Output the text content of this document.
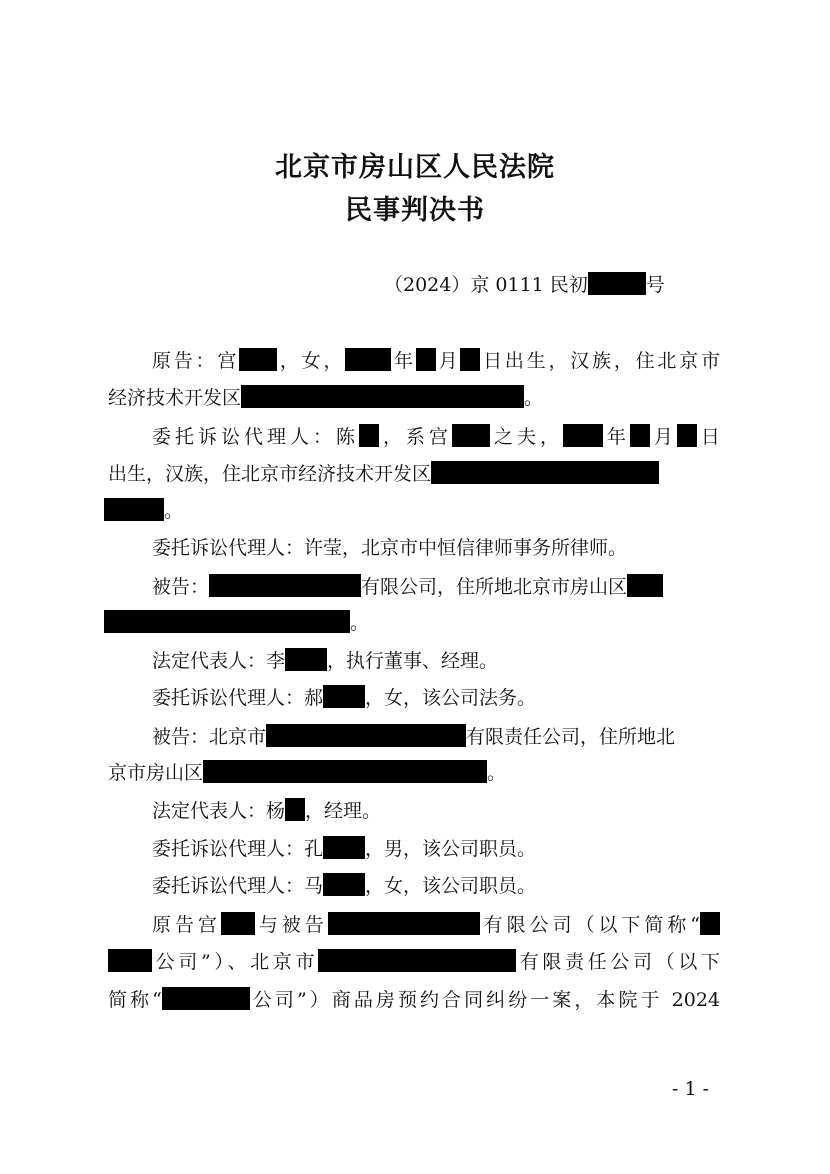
北京市房山区人民法院
民事判决书
（2024）京 0111 民初	号
原告：宫 ，女， 年 月 日出生，汉族，住北京市
经济技术开发区	。
委托诉讼代理人：陈 ，系宫 之夫， 年 月 日
出生，汉族，住北京市经济技术开发区
。
委托诉讼代理人：许莹，北京市中恒信律师事务所律师。
被告：	有限公司，住所地北京市房山区
。
法定代表人：李 ，执行董事、经理。
委托诉讼代理人：郝 ，女，该公司法务。
被告：北京市	有限责任公司，住所地北
京市房山区	。
法定代表人：杨 ，经理。
委托诉讼代理人：孔 ，男，该公司职员。
委托诉讼代理人：马 ，女，该公司职员。
原告宫 与被告	有限公司（以下简称“
公司”）、北京市	有限责任公司（以下
简称“	公司”）商品房预约合同纠纷一案，本院于 2024
- 1 -
